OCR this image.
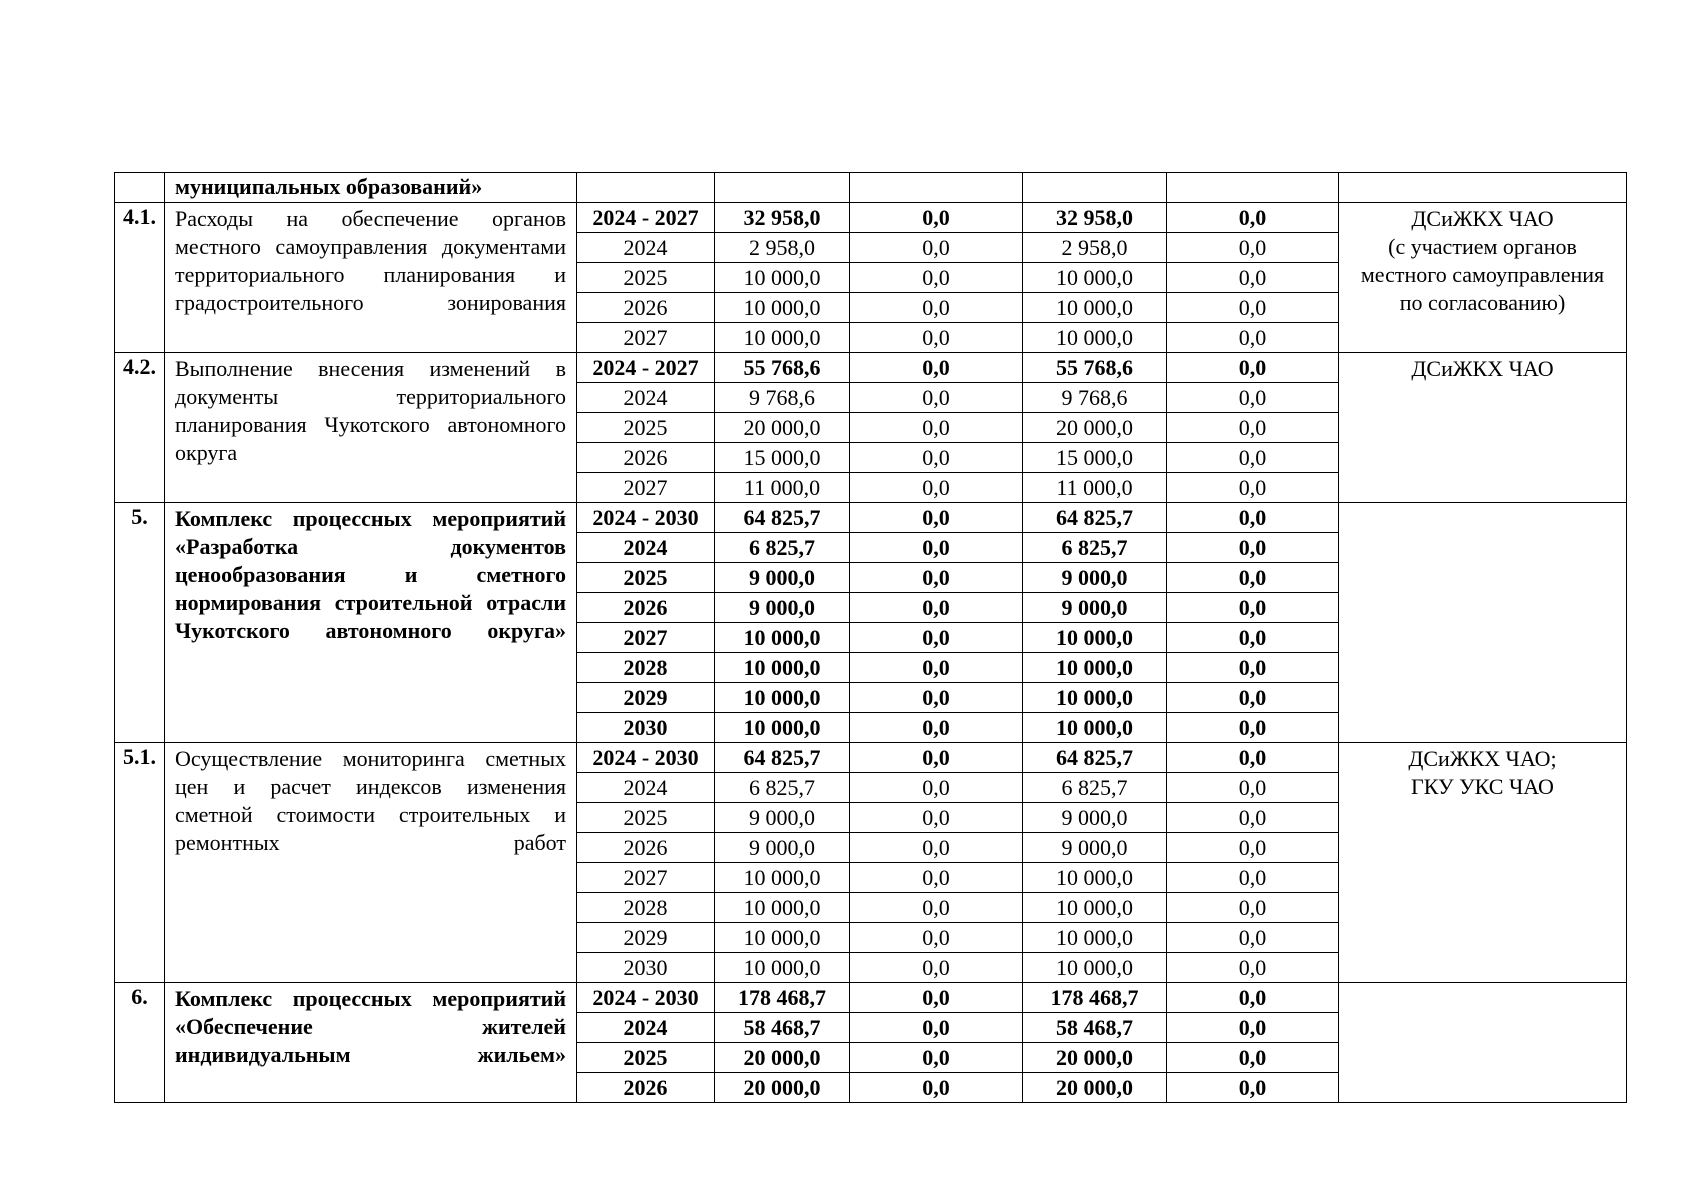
	муниципальных образований»						
4.1.	Расходы на обеспечение органов местного самоуправления документами территориального планирования и градостроительного зонирования	2024 - 2027	32 958,0	0,0	32 958,0	0,0	ДСиЖКХ ЧАО
(с участием органов
местного самоуправления
по согласованию)

		2024	2 958,0	0,0	2 958,0	0,0	
		2025	10 000,0	0,0	10 000,0	0,0	
		2026	10 000,0	0,0	10 000,0	0,0	
		2027	10 000,0	0,0	10 000,0	0,0	
4.2.	Выполнение внесения изменений в документы территориального планирования Чукотского автономного округа	2024 - 2027	55 768,6	0,0	55 768,6	0,0	ДСиЖКХ ЧАО
		2024	9 768,6	0,0	9 768,6	0,0	
		2025	20 000,0	0,0	20 000,0	0,0	
		2026	15 000,0	0,0	15 000,0	0,0	
		2027	11 000,0	0,0	11 000,0	0,0	
5.	Комплекс процессных мероприятий «Разработка документов ценообразования и сметного нормирования строительной отрасли Чукотского автономного округа»	2024 - 2030	64 825,7	0,0	64 825,7	0,0	
		2024	6 825,7	0,0	6 825,7	0,0	
		2025	9 000,0	0,0	9 000,0	0,0	
		2026	9 000,0	0,0	9 000,0	0,0	
		2027	10 000,0	0,0	10 000,0	0,0	
		2028	10 000,0	0,0	10 000,0	0,0	
		2029	10 000,0	0,0	10 000,0	0,0	
		2030	10 000,0	0,0	10 000,0	0,0	
5.1.	Осуществление мониторинга сметных цен и расчет индексов изменения сметной стоимости строительных и ремонтных работ	2024 - 2030	64 825,7	0,0	64 825,7	0,0	ДСиЖКХ ЧАО;
ГКУ УКС ЧАО

		2024	6 825,7	0,0	6 825,7	0,0	
		2025	9 000,0	0,0	9 000,0	0,0	
		2026	9 000,0	0,0	9 000,0	0,0	
		2027	10 000,0	0,0	10 000,0	0,0	
		2028	10 000,0	0,0	10 000,0	0,0	
		2029	10 000,0	0,0	10 000,0	0,0	
		2030	10 000,0	0,0	10 000,0	0,0	
6.	Комплекс процессных мероприятий «Обеспечение жителей индивидуальным жильем»	2024 - 2030	178 468,7	0,0	178 468,7	0,0	
		2024	58 468,7	0,0	58 468,7	0,0	
		2025	20 000,0	0,0	20 000,0	0,0	
		2026	20 000,0	0,0	20 000,0	0,0	
